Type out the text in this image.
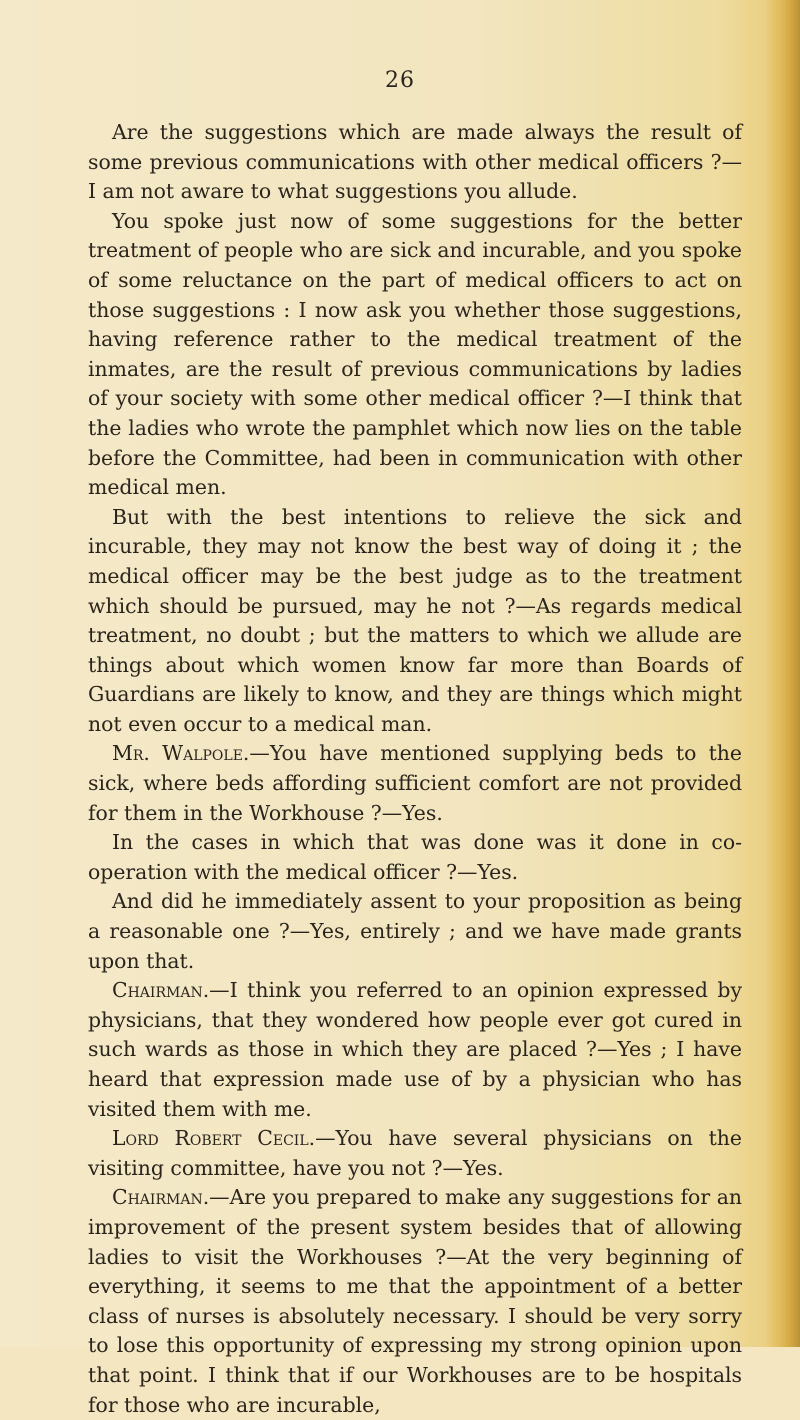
26

Are the suggestions which are made always the result of some previous communications with other medical officers ?—I am not aware to what suggestions you allude.

You spoke just now of some suggestions for the better treatment of people who are sick and incurable, and you spoke of some reluctance on the part of medical officers to act on those suggestions : I now ask you whether those suggestions, having reference rather to the medical treatment of the inmates, are the result of previous communications by ladies of your society with some other medical officer ?—I think that the ladies who wrote the pamphlet which now lies on the table before the Committee, had been in communication with other medical men.

But with the best intentions to relieve the sick and incurable, they may not know the best way of doing it ; the medical officer may be the best judge as to the treatment which should be pursued, may he not ?—As regards medical treatment, no doubt ; but the matters to which we allude are things about which women know far more than Boards of Guardians are likely to know, and they are things which might not even occur to a medical man.

Mr. Walpole.—You have mentioned supplying beds to the sick, where beds affording sufficient comfort are not provided for them in the Workhouse ?—Yes.

In the cases in which that was done was it done in co-operation with the medical officer ?—Yes.

And did he immediately assent to your proposition as being a reasonable one ?—Yes, entirely ; and we have made grants upon that.

Chairman.—I think you referred to an opinion expressed by physicians, that they wondered how people ever got cured in such wards as those in which they are placed ?—Yes ; I have heard that expression made use of by a physician who has visited them with me.

Lord Robert Cecil.—You have several physicians on the visiting committee, have you not ?—Yes.

Chairman.—Are you prepared to make any suggestions for an improvement of the present system besides that of allowing ladies to visit the Workhouses ?—At the very beginning of everything, it seems to me that the appointment of a better class of nurses is absolutely necessary. I should be very sorry to lose this opportunity of expressing my strong opinion upon that point. I think that if our Workhouses are to be hospitals for those who are incurable,
